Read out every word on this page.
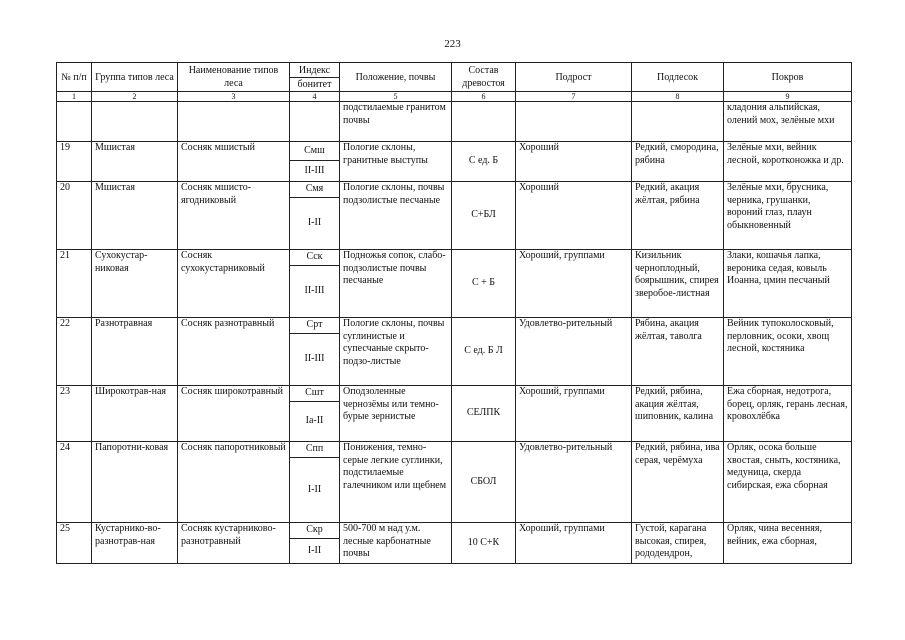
223
№ п/п	Группа типов леса	Наименование типов леса	Индекс	Положение, почвы	Состав древостоя	Подрост	Подлесок	Покров
			бонитет					
1	2	3	4	5	6	7	8	9
				подстилаемые гранитом почвы				кладония альпийская, олений мох, зелёные мхи
19	Мшистая	Сосняк мшистый	Смш	Пологие склоны, гранитные выступы	С ед. Б	Хороший	Редкий, смородина, рябина	Зелёные мхи, вейник лесной, коротконожка и др.
			II-III					
20	Мшистая	Сосняк мшисто-ягодниковый	Смя	Пологие склоны, почвы подзолистые песчаные	С+БЛ	Хороший	Редкий, акация жёлтая, рябина	Зелёные мхи, брусника, черника, грушанки, вороний глаз, плаун обыкновенный
			I-II					
21	Сухокустар-никовая	Сосняк сухокустарниковый	Сск	Подножья сопок, слабо-подзолистые почвы песчаные	С + Б	Хороший, группами	Кизильник черноплодный, боярышник, спирея зверобое-листная	Злаки, кошачья лапка, вероника седая, ковыль Иоанна, цмин песчаный
			II-III					
22	Разнотравная	Сосняк разнотравный	Срт	Пологие склоны, почвы суглинистые и супесчаные скрыто-подзо-листые	С ед. Б Л	Удовлетво-рительный	Рябина, акация жёлтая, таволга	Вейник тупоколосковый, перловник, осоки, хвощ лесной, костяника
			II-III					
23	Широкотрав-ная	Сосняк широкотравный	Сшт	Оподзоленные чернозёмы или темно-бурые зернистые	СЕЛПК	Хороший, группами	Редкий, рябина, акация жёлтая, шиповник, калина	Ежа сборная, недотрога, борец, орляк, герань лесная, кровохлёбка
			Ia-II					
24	Папоротни-ковая	Сосняк папоротниковый	Спп	Понижения, темно-серые легкие суглинки, подстилаемые галечником или щебнем	СБОЛ	Удовлетво-рительный	Редкий, рябина, ива серая, черёмуха	Орляк, осока больше хвостая, сныть, костяника, медуница, скерда сибирская, ежа сборная
			I-II					
25	Кустарнико-во-разнотрав-ная	Сосняк кустарниково-разнотравный	Скр	500-700 м над у.м. лесные карбонатные почвы	10 С+К	Хороший, группами	Густой, карагана высокая, спирея, рододендрон,	Орляк, чина весенняя, вейник, ежа сборная,
			I-II					
